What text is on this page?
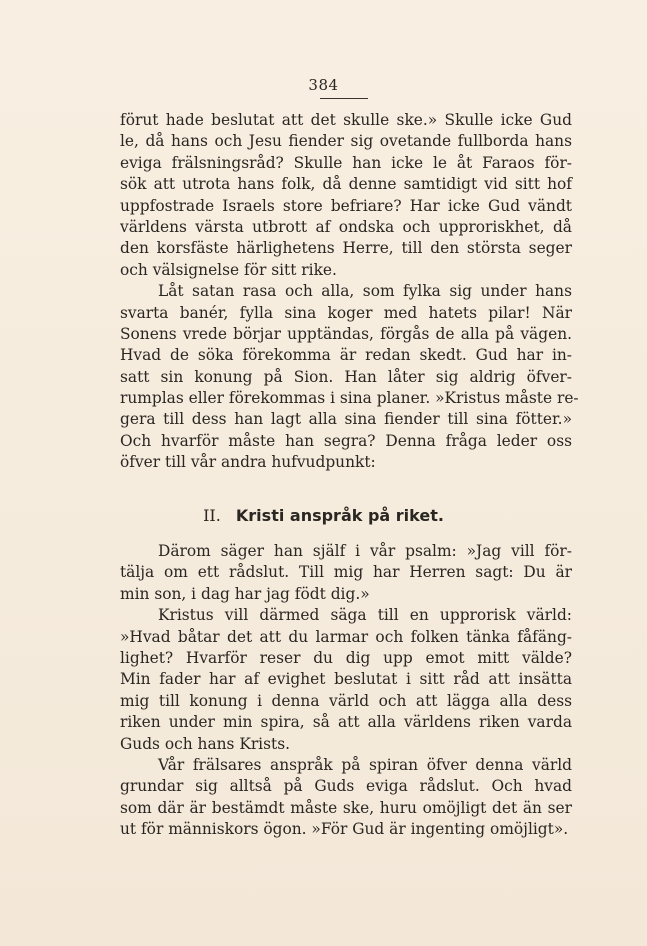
384
förut hade beslutat att det skulle ske.» Skulle icke Gud
le, då hans och Jesu fiender sig ovetande fullborda hans
eviga frälsningsråd? Skulle han icke le åt Faraos för-
sök att utrota hans folk, då denne samtidigt vid sitt hof
uppfostrade Israels store befriare? Har icke Gud vändt
världens värsta utbrott af ondska och upproriskhet, då
den korsfäste härlighetens Herre, till den största seger
och välsignelse för sitt rike.
Låt satan rasa och alla, som fylka sig under hans
svarta banér, fylla sina koger med hatets pilar! När
Sonens vrede börjar upptändas, förgås de alla på vägen.
Hvad de söka förekomma är redan skedt. Gud har in-
satt sin konung på Sion. Han låter sig aldrig öfver-
rumplas eller förekommas i sina planer. »Kristus måste re-
gera till dess han lagt alla sina fiender till sina fötter.»
Och hvarför måste han segra? Denna fråga leder oss
öfver till vår andra hufvudpunkt:
II. Kristi anspråk på riket.
Därom säger han själf i vår psalm: »Jag vill för-
tälja om ett rådslut. Till mig har Herren sagt: Du är
min son, i dag har jag födt dig.»
Kristus vill därmed säga till en upprorisk värld:
»Hvad båtar det att du larmar och folken tänka fåfäng-
lighet? Hvarför reser du dig upp emot mitt välde?
Min fader har af evighet beslutat i sitt råd att insätta
mig till konung i denna värld och att lägga alla dess
riken under min spira, så att alla världens riken varda
Guds och hans Krists.
Vår frälsares anspråk på spiran öfver denna värld
grundar sig alltså på Guds eviga rådslut. Och hvad
som där är bestämdt måste ske, huru omöjligt det än ser
ut för människors ögon. »För Gud är ingenting omöjligt».
